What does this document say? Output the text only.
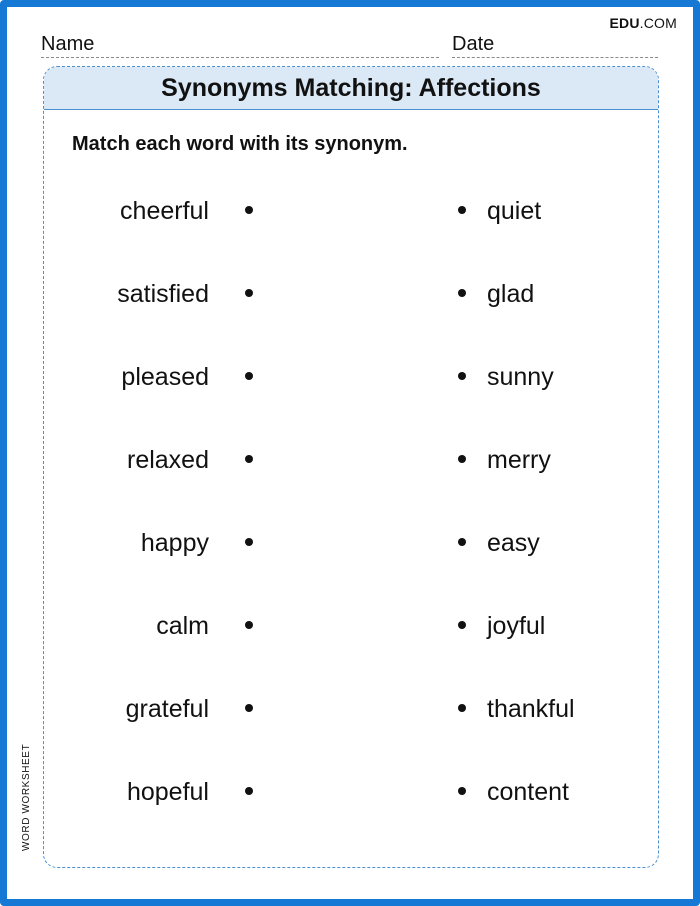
EDU.COM
Name	Date
Synonyms Matching: Affections
Match each word with its synonym.
cheerful	quiet
satisfied	glad
pleased	sunny
relaxed	merry
happy	easy
calm	joyful
grateful	thankful
hopeful	content
WORD WORKSHEET
